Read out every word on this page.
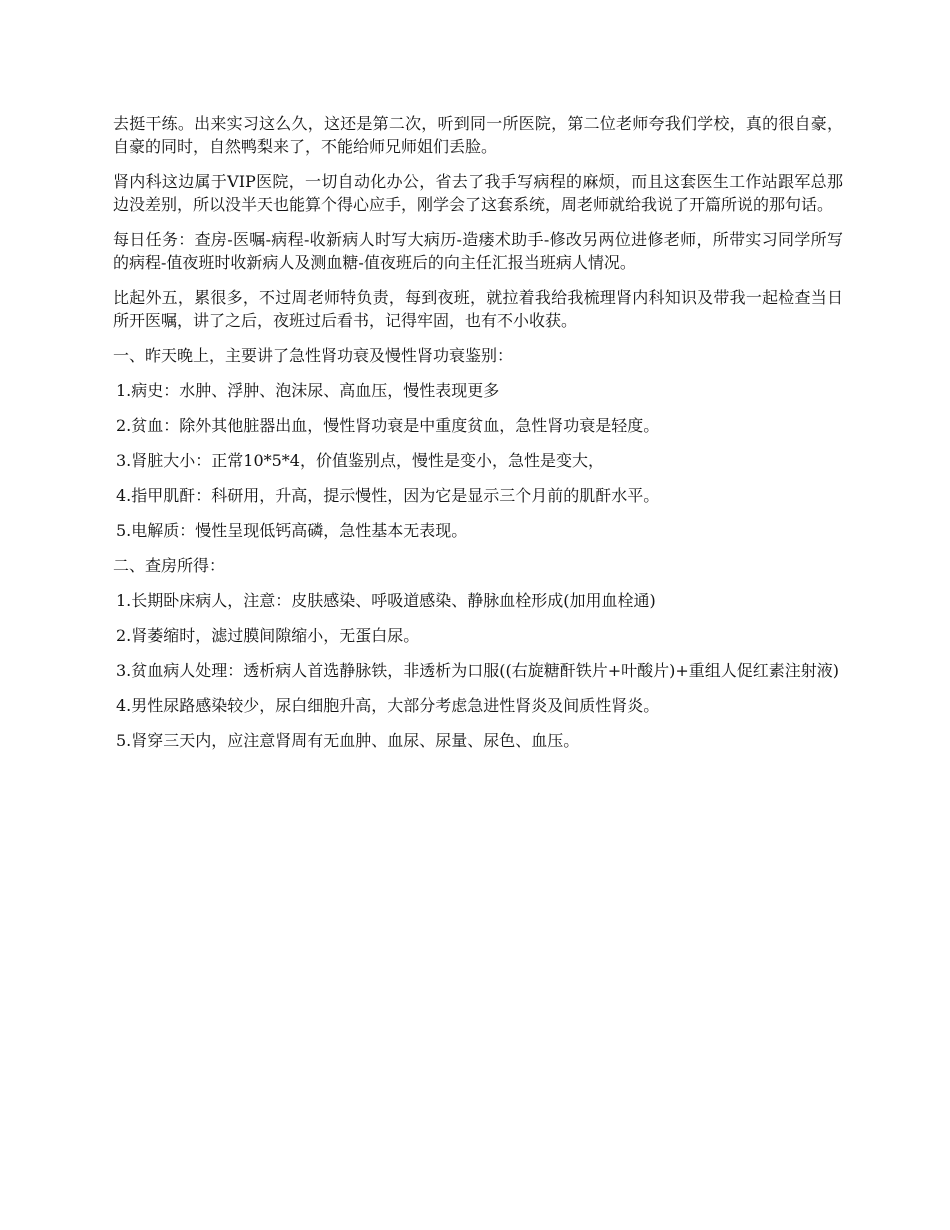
去挺干练。出来实习这么久，这还是第二次，听到同一所医院，第二位老师夸我们学校，真的很自豪，自豪的同时，自然鸭梨来了，不能给师兄师姐们丢脸。

肾内科这边属于VIP医院，一切自动化办公，省去了我手写病程的麻烦，而且这套医生工作站跟军总那边没差别，所以没半天也能算个得心应手，刚学会了这套系统，周老师就给我说了开篇所说的那句话。

每日任务：查房-医嘱-病程-收新病人时写大病历-造瘘术助手-修改另两位进修老师，所带实习同学所写的病程-值夜班时收新病人及测血糖-值夜班后的向主任汇报当班病人情况。

比起外五，累很多，不过周老师特负责，每到夜班，就拉着我给我梳理肾内科知识及带我一起检查当日所开医嘱，讲了之后，夜班过后看书，记得牢固，也有不小收获。

一、昨天晚上，主要讲了急性肾功衰及慢性肾功衰鉴别：
1.病史：水肿、浮肿、泡沫尿、高血压，慢性表现更多
2.贫血：除外其他脏器出血，慢性肾功衰是中重度贫血，急性肾功衰是轻度。
3.肾脏大小：正常10*5*4，价值鉴别点，慢性是变小，急性是变大，
4.指甲肌酐：科研用，升高，提示慢性，因为它是显示三个月前的肌酐水平。
5.电解质：慢性呈现低钙高磷，急性基本无表现。
二、查房所得：
1.长期卧床病人，注意：皮肤感染、呼吸道感染、静脉血栓形成(加用血栓通)
2.肾萎缩时，滤过膜间隙缩小，无蛋白尿。
3.贫血病人处理：透析病人首选静脉铁，非透析为口服((右旋糖酐铁片+叶酸片)+重组人促红素注射液)
4.男性尿路感染较少，尿白细胞升高，大部分考虑急进性肾炎及间质性肾炎。
5.肾穿三天内，应注意肾周有无血肿、血尿、尿量、尿色、血压。
